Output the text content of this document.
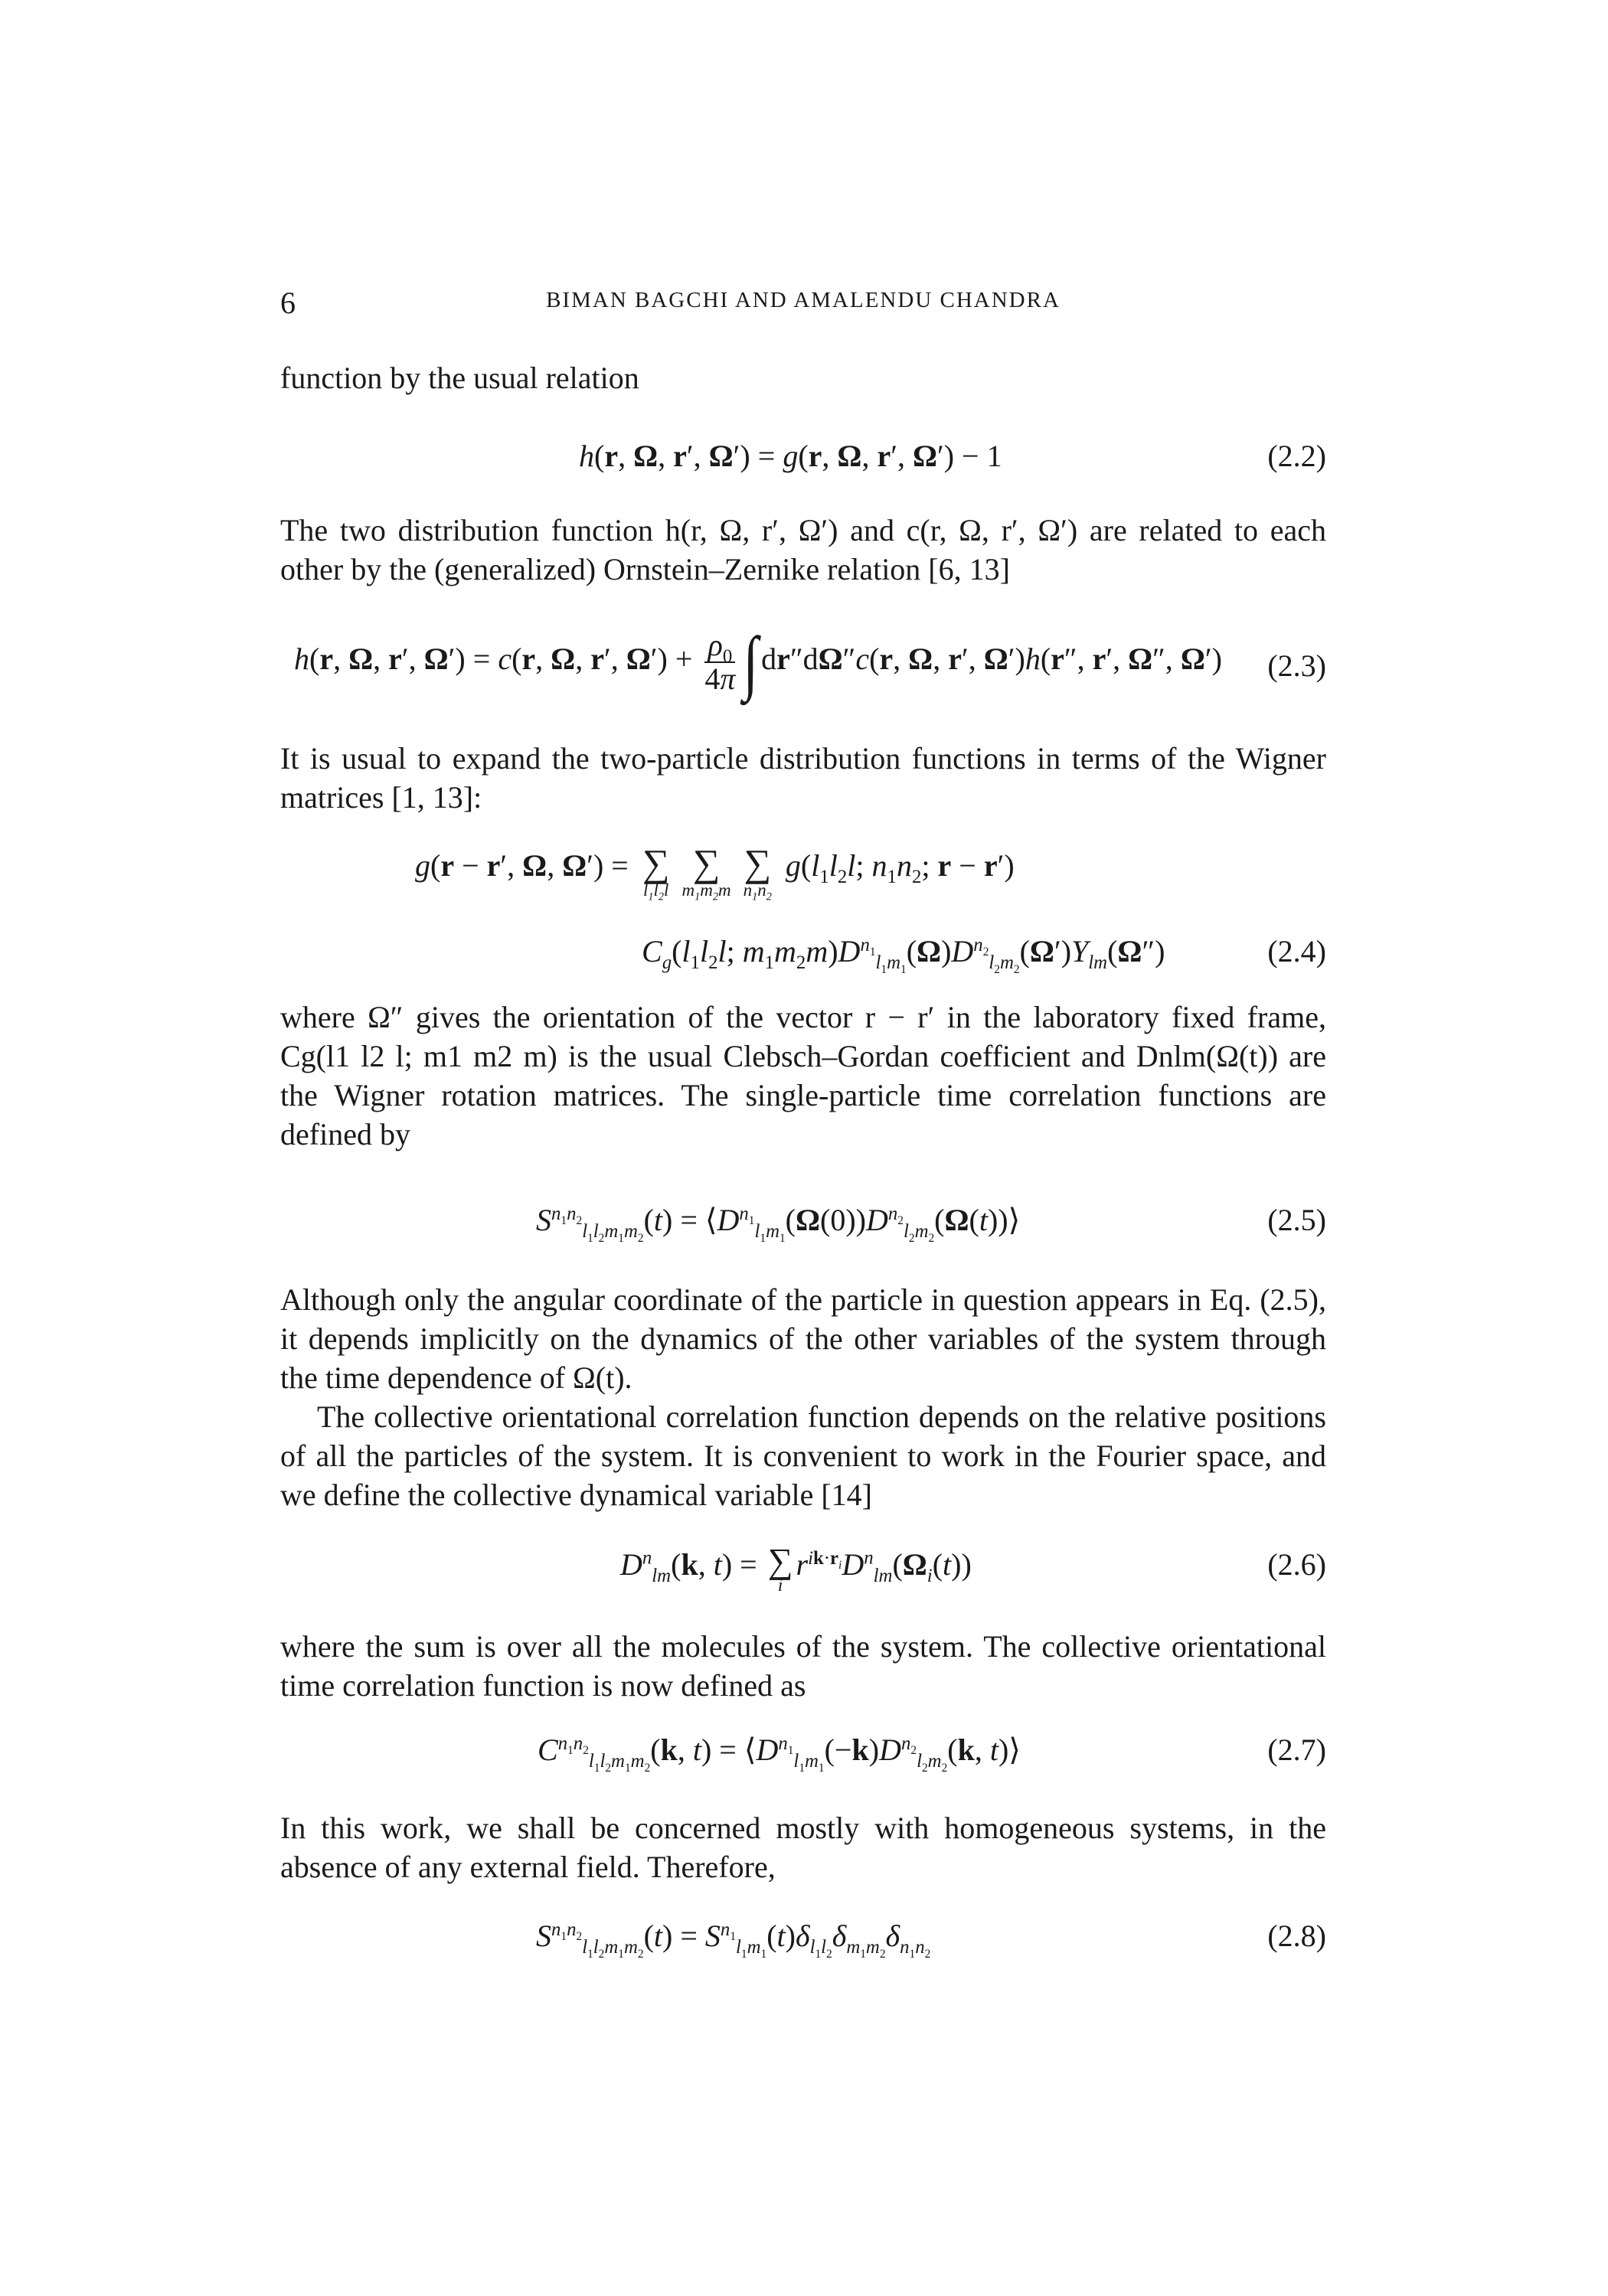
6	BIMAN BAGCHI AND AMALENDU CHANDRA

function by the usual relation

h(r, Ω, r′, Ω′) = g(r, Ω, r′, Ω′) − 1	(2.2)

The two distribution function h(r, Ω, r′, Ω′) and c(r, Ω, r′, Ω′) are related to each other by the (generalized) Ornstein–Zernike relation [6, 13]

h(r, Ω, r′, Ω′) = c(r, Ω, r′, $\Omega') + \frac{\rho_0}{4\pi}$ ∫ dr″dΩ″c(r, Ω, r′, Ω′)h(r″, r′, Ω″, Ω′) (2.3)

It is usual to expand the two-particle distribution functions in terms of the Wigner matrices [1, 13]:

g(r − r′, Ω, Ω′) = ∑
$l_1l_2l$
∑
$m_1m_2m$
∑
$n_1n_2$
$g(l_1l_2l$; $n_1n_2$; r − r′)
$C_g(l_1l_2l$; $m_1m_2m)D^{n_1}_{l_1m_1}(\Omega)D^{n_2}_{l_2m_2}(\Omega')Y_{lm}(\Omega'')$	(2.4)

where Ω″ gives the orientation of the vector r − r′ in the laboratory fixed frame, Cg(l1 l2 l; m1 m2 m) is the usual Clebsch–Gordan coefficient and Dnlm(Ω(t)) are the Wigner rotation matrices. The single-particle time correlation functions are defined by

$S^{n_1n_2}_{l_1l_2m_1m_2}(t)$ = $⟨D^{n_1}_{l_1m_1}(\Omega(0))D^{n_2}_{l_2m_2}(\Omega(t))⟩$	(2.5)

Although only the angular coordinate of the particle in question appears in Eq. (2.5), it depends implicitly on the dynamics of the other variables of the system through the time dependence of Ω(t).

The collective orientational correlation function depends on the relative positions of all the particles of the system. It is convenient to work in the Fourier space, and we define the collective dynamical variable [14]

$D^n_{lm}(k$, t) = ∑
i
$r^{ik\cdot r_i}D^n_{lm}(\Omega_i(t))$	(2.6)

where the sum is over all the molecules of the system. The collective orientational time correlation function is now defined as

$C^{n_1n_2}_{l_1l_2m_1m_2}(k$, $t) = ⟨D^{n_1}_{l_1m_1}(-k)D^{n_2}_{l_2m_2}(k$, t)⟩	(2.7)

In this work, we shall be concerned mostly with homogeneous systems, in the absence of any external field. Therefore,

$S^{n_1n_2}_{l_1l_2m_1m_2}(t) = S^{n_1}_{l_1m_1}(t)\delta_{l_1l_2}\delta_{m_1m_2}\delta_{n_1n_2}$
(2.8)
